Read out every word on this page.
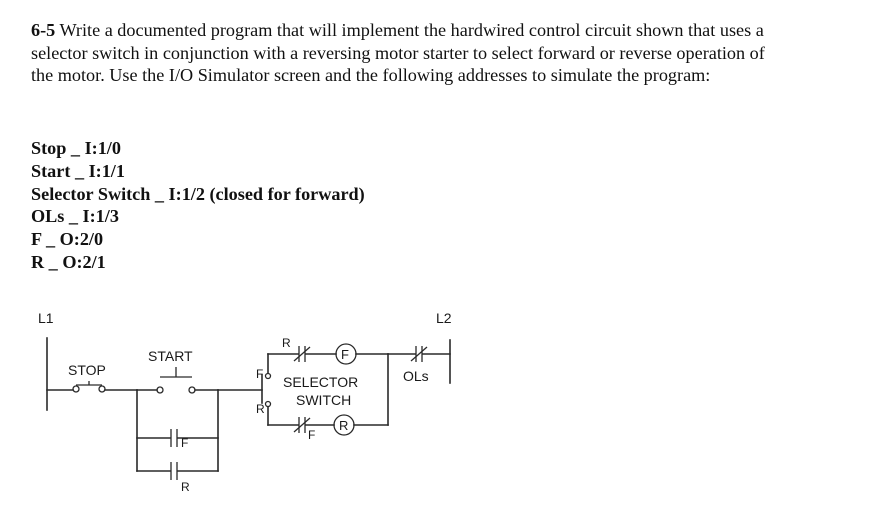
6-5 Write a documented program that will implement the hardwired control circuit shown that uses a selector switch in conjunction with a reversing motor starter to select forward or reverse operation of the motor. Use the I/O Simulator screen and the following addresses to simulate the program:
Stop _ I:1/0
Start _ I:1/1
Selector Switch _ I:1/2 (closed for forward)
OLs _ I:1/3
F _ O:2/0
R _ O:2/1
L1	L2
STOP
START
F
R
F
R
SELECTOR
SWITCH
R
F
F
R
OLs
